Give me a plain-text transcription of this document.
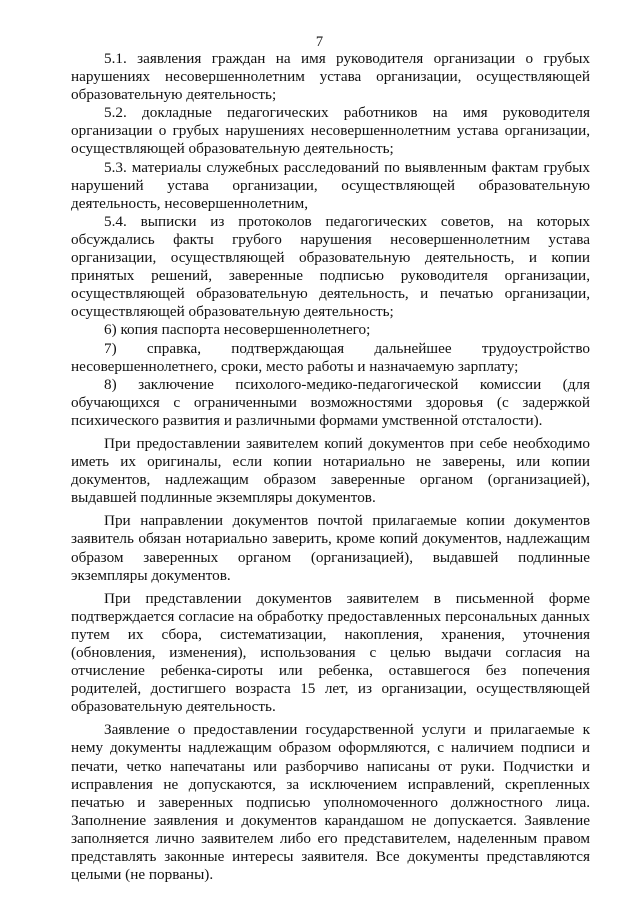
7

5.1. заявления граждан на имя руководителя организации о грубых нарушениях несовершеннолетним устава организации, осуществляющей образовательную деятельность;

5.2. докладные педагогических работников на имя руководителя организации о грубых нарушениях несовершеннолетним устава организации, осуществляющей образовательную деятельность;

5.3. материалы служебных расследований по выявленным фактам грубых нарушений устава организации, осуществляющей образовательную деятельность, несовершеннолетним,

5.4. выписки из протоколов педагогических советов, на которых обсуждались факты грубого нарушения несовершеннолетним устава организации, осуществляющей образовательную деятельность, и копии принятых решений, заверенные подписью руководителя организации, осуществляющей образовательную деятельность, и печатью организации, осуществляющей образовательную деятельность;

6) копия паспорта несовершеннолетнего;

7) справка, подтверждающая дальнейшее трудоустройство несовершеннолетнего, сроки, место работы и назначаемую зарплату;

8) заключение психолого-медико-педагогической комиссии (для обучающихся с ограниченными возможностями здоровья (с задержкой психического развития и различными формами умственной отсталости).

При предоставлении заявителем копий документов при себе необходимо иметь их оригиналы, если копии нотариально не заверены, или копии документов, надлежащим образом заверенные органом (организацией), выдавшей подлинные экземпляры документов.

При направлении документов почтой прилагаемые копии документов заявитель обязан нотариально заверить, кроме копий документов, надлежащим образом заверенных органом (организацией), выдавшей подлинные экземпляры документов.

При представлении документов заявителем в письменной форме подтверждается согласие на обработку предоставленных персональных данных путем их сбора, систематизации, накопления, хранения, уточнения (обновления, изменения), использования с целью выдачи согласия на отчисление ребенка-сироты или ребенка, оставшегося без попечения родителей, достигшего возраста 15 лет, из организации, осуществляющей образовательную деятельность.

Заявление о предоставлении государственной услуги и прилагаемые к нему документы надлежащим образом оформляются, с наличием подписи и печати, четко напечатаны или разборчиво написаны от руки. Подчистки и исправления не допускаются, за исключением исправлений, скрепленных печатью и заверенных подписью уполномоченного должностного лица. Заполнение заявления и документов карандашом не допускается. Заявление заполняется лично заявителем либо его представителем, наделенным правом представлять законные интересы заявителя. Все документы представляются целыми (не порваны).
